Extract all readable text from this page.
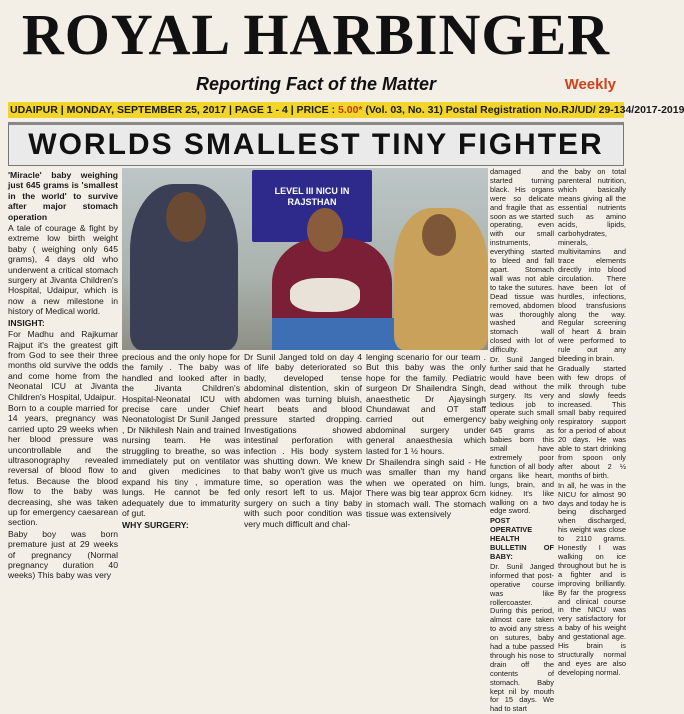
ROYAL HARBINGER
Reporting Fact of the Matter	Weekly
UDAIPUR | MONDAY, SEPTEMBER 25, 2017 | PAGE 1 - 4 | PRICE : 5.00* (Vol. 03, No. 31) Postal Registration No.RJ/UD/ 29-134/2017-2019
WORLDS SMALLEST TINY FIGHTER
LEVEL III NICU IN RAJSTHAN

'Miracle' baby weighing just 645 grams is 'smallest in the world' to survive after major stomach operation

A tale of courage & fight by extreme low birth weight baby ( weighing only 645 grams), 4 days old who underwent a critical stomach surgery at Jivanta Children's Hospital, Udaipur, which is now a new milestone in history of Medical world.

INSIGHT:

For Madhu and Rajkumar Rajput it's the greatest gift from God to see their three months old survive the odds and come home from the Neonatal ICU at Jivanta Children's Hospital, Udaipur.

Born to a couple married for 14 years, pregnancy was carried upto 29 weeks when her blood pressure was uncontrollable and the ultrasonography revealed reversal of blood flow to fetus. Because the blood flow to the baby was decreasing, she was taken up for emergency caesarean section.

Baby boy was born premature just at 29 weeks of pregnancy (Normal pregnancy duration 40 weeks) This baby was very

precious and the only hope for the family . The baby was handled and looked after in the Jivanta Children's Hospital-Neonatal ICU with precise care under Chief Neonatologist Dr Sunil Janged , Dr Nikhilesh Nain and trained nursing team. He was struggling to breathe, so was immediately put on ventilator and given medicines to expand his tiny , immature lungs. He cannot be fed adequately due to immaturity of gut.

WHY SURGERY:

Dr Sunil Janged told on day 4 of life baby deteriorated so badly, developed tense abdominal distention, skin of abdomen was turning bluish, heart beats and blood pressure started dropping. Investigations showed intestinal perforation with infection . His body system was shutting down. We knew that baby won't give us much time, so operation was the only resort left to us. Major surgery on such a tiny baby with such poor condition was very much difficult and chal-

lenging scenario for our team . But this baby was the only hope for the family. Pediatric surgeon Dr Shailendra Singh, anaesthetic Dr Ajaysingh Chundawat and OT staff carried out emergency abdominal surgery under general anaesthesia which lasted for 1 ½ hours.

Dr Shailendra singh said - He was smaller than my hand when we operated on him. There was big tear approx 6cm in stomach wall. The stomach tissue was extensively

damaged and started turning black. His organs were so delicate and fragile that as soon as we started operating, even with our small instruments, everything started to bleed and fall apart. Stomach wall was not able to take the sutures. Dead tissue was removed, abdomen was thoroughly washed and stomach wall closed with lot of difficulty.

Dr. Sunil Janged further said that he would have been dead without the surgery. Its very tedious job to operate such small baby weighing only 645 grams as babies born this small have extremely poor function of all body organs like heart, lungs, brain, and kidney. It's like walking on a two edge sword.

POST OPERATIVE HEALTH BULLETIN OF BABY:

Dr. Sunil Janged informed that post-operative course was like rollercoaster. During this period, almost care taken to avoid any stress on sutures, baby had a tube passed through his nose to drain off the contents of stomach. Baby kept nil by mouth for 15 days. We had to start

the baby on total parenteral nutrition, which basically means giving all the essential nutrients such as amino acids, lipids, carbohydrates, minerals, multivitamins and trace elements directly into blood circulation. There have been lot of hurdles, infections, blood transfusions along the way. Regular screening of heart & brain were performed to rule out any bleeding in brain.

Gradually started with few drops of milk through tube and slowly feeds increased. This small baby required respiratory support for a period of about 20 days. He was able to start drinking from spoon only after about 2 ½ months of birth.

In all, he was in the NICU for almost 90 days and today he is being discharged when discharged, his weight was close to 2110 grams. Honestly I was walking on ice throughout but he is a fighter and is improving brilliantly. By far the progress and clinical course in the NICU was very satisfactory for a baby of his weight and gestational age. His brain is structurally normal and eyes are also developing normal.
